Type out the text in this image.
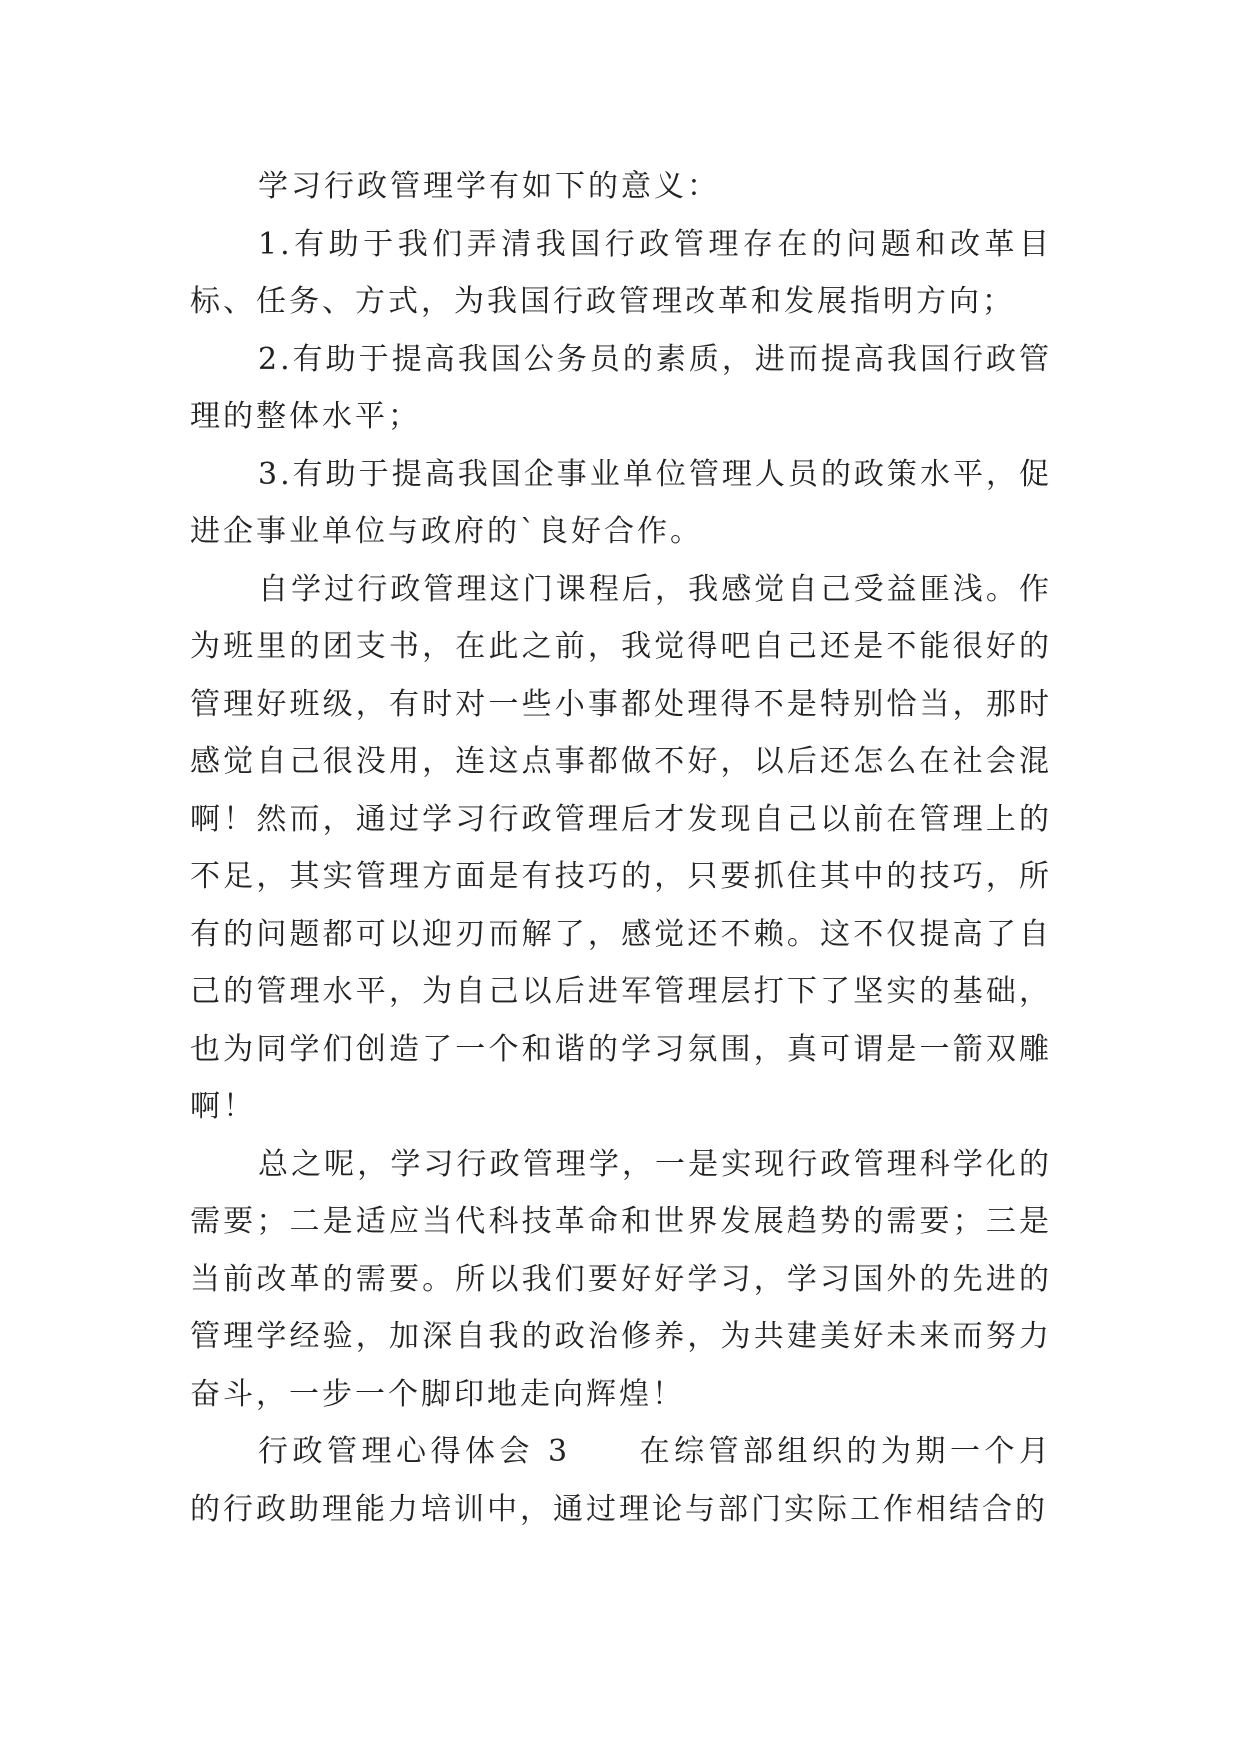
学习行政管理学有如下的意义：

1.有助于我们弄清我国行政管理存在的问题和改革目标、任务、方式，为我国行政管理改革和发展指明方向；

2.有助于提高我国公务员的素质，进而提高我国行政管理的整体水平；

3.有助于提高我国企事业单位管理人员的政策水平，促进企事业单位与政府的`良好合作。

自学过行政管理这门课程后，我感觉自己受益匪浅。作为班里的团支书，在此之前，我觉得吧自己还是不能很好的管理好班级，有时对一些小事都处理得不是特别恰当，那时感觉自己很没用，连这点事都做不好，以后还怎么在社会混啊！然而，通过学习行政管理后才发现自己以前在管理上的不足，其实管理方面是有技巧的，只要抓住其中的技巧，所有的问题都可以迎刃而解了，感觉还不赖。这不仅提高了自己的管理水平，为自己以后进军管理层打下了坚实的基础，也为同学们创造了一个和谐的学习氛围，真可谓是一箭双雕啊！

总之呢，学习行政管理学，一是实现行政管理科学化的需要；二是适应当代科技革命和世界发展趋势的需要；三是当前改革的需要。所以我们要好好学习，学习国外的先进的管理学经验，加深自我的政治修养，为共建美好未来而努力奋斗，一步一个脚印地走向辉煌！

行政管理心得体会 3 在综管部组织的为期一个月的行政助理能力培训中，通过理论与部门实际工作相结合的
